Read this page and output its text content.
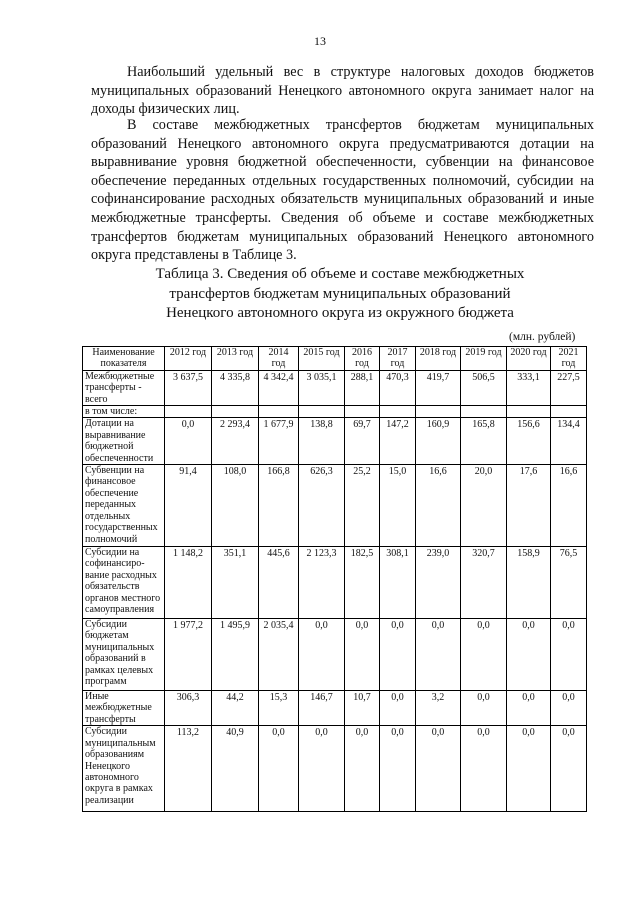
13

Наибольший удельный вес в структуре налоговых доходов бюджетов муниципальных образований Ненецкого автономного округа занимает налог на доходы физических лиц.

В составе межбюджетных трансфертов бюджетам муниципальных образований Ненецкого автономного округа предусматриваются дотации на выравнивание уровня бюджетной обеспеченности, субвенции на финансовое обеспечение переданных отдельных государственных полномочий, субсидии на софинансирование расходных обязательств муниципальных образований и иные межбюджетные трансферты. Сведения об объеме и составе межбюджетных трансфертов бюджетам муниципальных образований Ненецкого автономного округа представлены в Таблице 3.

Таблица 3. Сведения об объеме и составе межбюджетных
трансфертов бюджетам муниципальных образований
Ненецкого автономного округа из окружного бюджета
(млн. рублей)
Наименование показателя	2012 год	2013 год	2014 год	2015 год	2016 год	2017 год	2018 год	2019 год	2020 год	2021 год
Межбюджетные трансферты - всего	3 637,5	4 335,8	4 342,4	3 035,1	288,1	470,3	419,7	506,5	333,1	227,5
в том числе:										
Дотации на выравнивание бюджетной обеспеченности	0,0	2 293,4	1 677,9	138,8	69,7	147,2	160,9	165,8	156,6	134,4
Субвенции на финансовое обеспечение переданных отдельных государственных полномочий	91,4	108,0	166,8	626,3	25,2	15,0	16,6	20,0	17,6	16,6
Субсидии на софинансиро-вание расходных обязательств органов местного самоуправления	1 148,2	351,1	445,6	2 123,3	182,5	308,1	239,0	320,7	158,9	76,5
Субсидии бюджетам муниципальных образований в рамках целевых программ	1 977,2	1 495,9	2 035,4	0,0	0,0	0,0	0,0	0,0	0,0	0,0
Иные межбюджетные трансферты	306,3	44,2	15,3	146,7	10,7	0,0	3,2	0,0	0,0	0,0
Субсидии муниципальным образованиям Ненецкого автономного округа в рамках реализации	113,2	40,9	0,0	0,0	0,0	0,0	0,0	0,0	0,0	0,0
